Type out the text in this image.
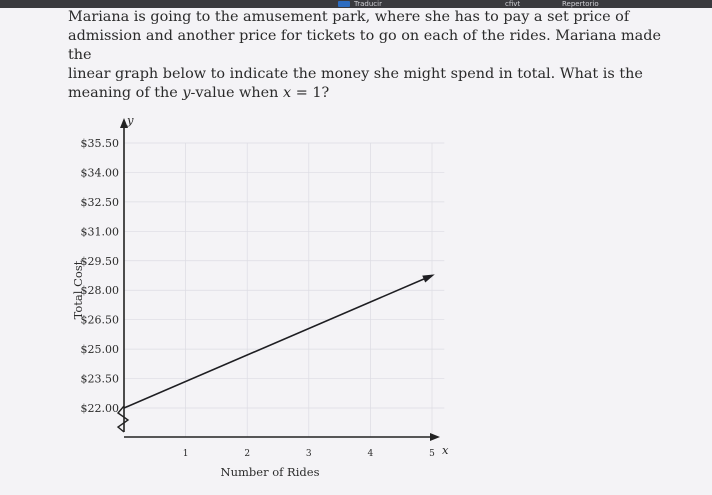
Traducir	cfivt	Repertorio

Mariana is going to the amusement park, where she has to pay a set price of

admission and another price for tickets to go on each of the rides. Mariana made the

linear graph below to indicate the money she might spend in total. What is the

meaning of the y-value when x = 1?

$22.00
$23.50
$25.00
$26.50
$28.00
$29.50
$31.00
$32.50
$34.00
$35.50
1	2	3	4	5
y
x
Number of Rides
Total Cost
